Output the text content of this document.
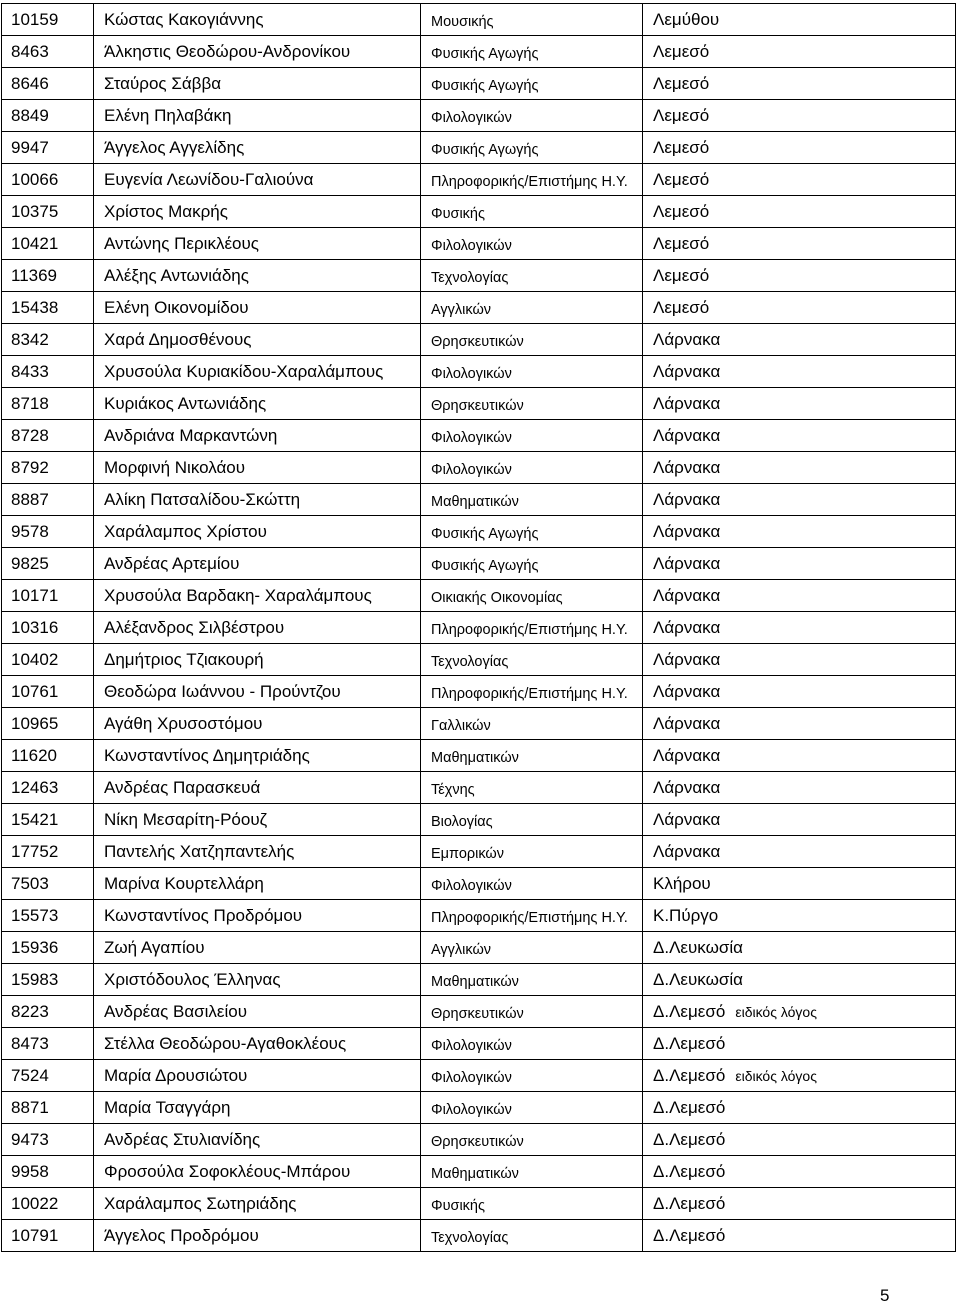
10159	Κώστας Κακογιάννης	Μουσικής	Λεμύθου
8463	Άλκηστις Θεοδώρου-Ανδρονίκου	Φυσικής Αγωγής	Λεμεσό
8646	Σταύρος Σάββα	Φυσικής Αγωγής	Λεμεσό
8849	Ελένη Πηλαβάκη	Φιλολογικών	Λεμεσό
9947	Άγγελος Αγγελίδης	Φυσικής Αγωγής	Λεμεσό
10066	Ευγενία Λεωνίδου-Γαλιούνα	Πληροφορικής/Επιστήμης Η.Υ.	Λεμεσό
10375	Χρίστος Μακρής	Φυσικής	Λεμεσό
10421	Αντώνης Περικλέους	Φιλολογικών	Λεμεσό
11369	Αλέξης Αντωνιάδης	Τεχνολογίας	Λεμεσό
15438	Ελένη Οικονομίδου	Αγγλικών	Λεμεσό
8342	Χαρά Δημοσθένους	Θρησκευτικών	Λάρνακα
8433	Χρυσούλα Κυριακίδου-Χαραλάμπους	Φιλολογικών	Λάρνακα
8718	Κυριάκος Αντωνιάδης	Θρησκευτικών	Λάρνακα
8728	Ανδριάνα Μαρκαντώνη	Φιλολογικών	Λάρνακα
8792	Μορφινή Νικολάου	Φιλολογικών	Λάρνακα
8887	Αλίκη Πατσαλίδου-Σκώττη	Μαθηματικών	Λάρνακα
9578	Χαράλαμπος Χρίστου	Φυσικής Αγωγής	Λάρνακα
9825	Ανδρέας Αρτεμίου	Φυσικής Αγωγής	Λάρνακα
10171	Χρυσούλα Βαρδακη- Χαραλάμπους	Οικιακής Οικονομίας	Λάρνακα
10316	Αλέξανδρος Σιλβέστρου	Πληροφορικής/Επιστήμης Η.Υ.	Λάρνακα
10402	Δημήτριος Τζιακουρή	Τεχνολογίας	Λάρνακα
10761	Θεοδώρα Ιωάννου - Προύντζου	Πληροφορικής/Επιστήμης Η.Υ.	Λάρνακα
10965	Αγάθη Χρυσοστόμου	Γαλλικών	Λάρνακα
11620	Κωνσταντίνος Δημητριάδης	Μαθηματικών	Λάρνακα
12463	Ανδρέας Παρασκευά	Τέχνης	Λάρνακα
15421	Νίκη Μεσαρίτη-Ρόουζ	Βιολογίας	Λάρνακα
17752	Παντελής Χατζηπαντελής	Εμπορικών	Λάρνακα
7503	Μαρίνα Κουρτελλάρη	Φιλολογικών	Κλήρου
15573	Κωνσταντίνος Προδρόμου	Πληροφορικής/Επιστήμης Η.Υ.	Κ.Πύργο
15936	Ζωή Αγαπίου	Αγγλικών	Δ.Λευκωσία
15983	Χριστόδουλος Έλληνας	Μαθηματικών	Δ.Λευκωσία
8223	Ανδρέας Βασιλείου	Θρησκευτικών	Δ.Λεμεσό ειδικός λόγος
8473	Στέλλα Θεοδώρου-Αγαθοκλέους	Φιλολογικών	Δ.Λεμεσό
7524	Μαρία Δρουσιώτου	Φιλολογικών	Δ.Λεμεσό ειδικός λόγος
8871	Μαρία Τσαγγάρη	Φιλολογικών	Δ.Λεμεσό
9473	Ανδρέας Στυλιανίδης	Θρησκευτικών	Δ.Λεμεσό
9958	Φροσούλα Σοφοκλέους-Μπάρου	Μαθηματικών	Δ.Λεμεσό
10022	Χαράλαμπος Σωτηριάδης	Φυσικής	Δ.Λεμεσό
10791	Άγγελος Προδρόμου	Τεχνολογίας	Δ.Λεμεσό
5
